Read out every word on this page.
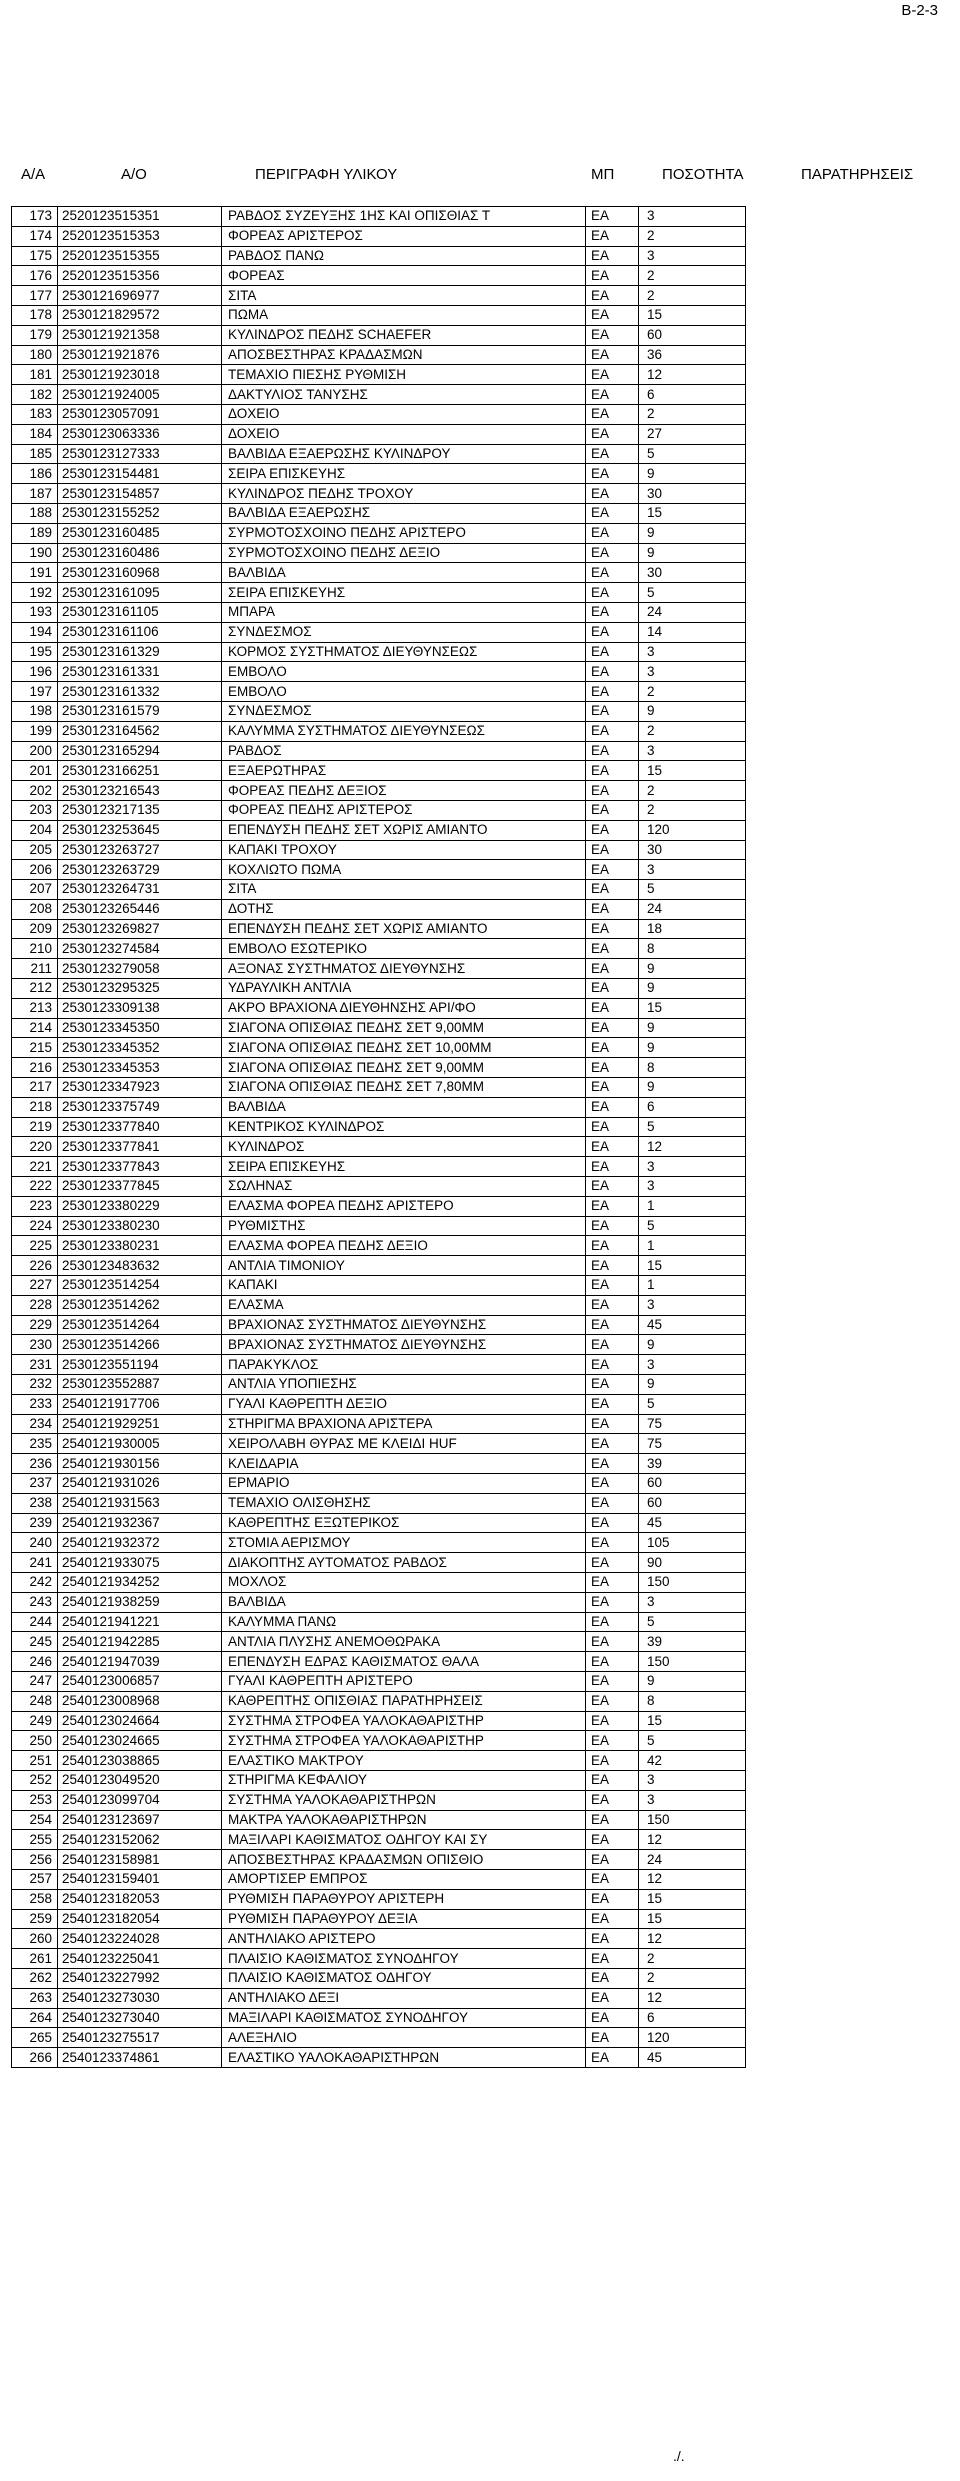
B-2-3
Α/Α	Α/Ο	ΠΕΡΙΓΡΑΦΗ ΥΛΙΚΟΥ	ΜΠ	ΠΟΣΟΤΗΤΑ	ΠΑΡΑΤΗΡΗΣΕΙΣ
173	2520123515351	ΡΑΒΔΟΣ ΣΥΖΕΥΞΗΣ 1ΗΣ ΚΑΙ ΟΠΙΣΘΙΑΣ Τ	ΕΑ	3
174	2520123515353	ΦΟΡΕΑΣ ΑΡΙΣΤΕΡΟΣ	ΕΑ	2
175	2520123515355	ΡΑΒΔΟΣ ΠΑΝΩ	ΕΑ	3
176	2520123515356	ΦΟΡΕΑΣ	ΕΑ	2
177	2530121696977	ΣΙΤΑ	ΕΑ	2
178	2530121829572	ΠΩΜΑ	ΕΑ	15
179	2530121921358	ΚΥΛΙΝΔΡΟΣ ΠΕΔΗΣ SCHAEFER	ΕΑ	60
180	2530121921876	ΑΠΟΣΒΕΣΤΗΡΑΣ ΚΡΑΔΑΣΜΩΝ	ΕΑ	36
181	2530121923018	ΤΕΜΑΧΙΟ ΠΙΕΣΗΣ ΡΥΘΜΙΣΗ	ΕΑ	12
182	2530121924005	ΔΑΚΤΥΛΙΟΣ ΤΑΝΥΣΗΣ	ΕΑ	6
183	2530123057091	ΔΟΧΕΙΟ	ΕΑ	2
184	2530123063336	ΔΟΧΕΙΟ	ΕΑ	27
185	2530123127333	ΒΑΛΒΙΔΑ ΕΞΑΕΡΩΣΗΣ ΚΥΛΙΝΔΡΟΥ	ΕΑ	5
186	2530123154481	ΣΕΙΡΑ ΕΠΙΣΚΕΥΗΣ	ΕΑ	9
187	2530123154857	ΚΥΛΙΝΔΡΟΣ ΠΕΔΗΣ ΤΡΟΧΟΥ	ΕΑ	30
188	2530123155252	ΒΑΛΒΙΔΑ ΕΞΑΕΡΩΣΗΣ	ΕΑ	15
189	2530123160485	ΣΥΡΜΟΤΟΣΧΟΙΝΟ ΠΕΔΗΣ ΑΡΙΣΤΕΡΟ	ΕΑ	9
190	2530123160486	ΣΥΡΜΟΤΟΣΧΟΙΝΟ ΠΕΔΗΣ ΔΕΞΙΟ	ΕΑ	9
191	2530123160968	ΒΑΛΒΙΔΑ	ΕΑ	30
192	2530123161095	ΣΕΙΡΑ ΕΠΙΣΚΕΥΗΣ	ΕΑ	5
193	2530123161105	ΜΠΑΡΑ	ΕΑ	24
194	2530123161106	ΣΥΝΔΕΣΜΟΣ	ΕΑ	14
195	2530123161329	ΚΟΡΜΟΣ ΣΥΣΤΗΜΑΤΟΣ ΔΙΕΥΘΥΝΣΕΩΣ	ΕΑ	3
196	2530123161331	ΕΜΒΟΛΟ	ΕΑ	3
197	2530123161332	ΕΜΒΟΛΟ	ΕΑ	2
198	2530123161579	ΣΥΝΔΕΣΜΟΣ	ΕΑ	9
199	2530123164562	ΚΑΛΥΜΜΑ ΣΥΣΤΗΜΑΤΟΣ ΔΙΕΥΘΥΝΣΕΩΣ	ΕΑ	2
200	2530123165294	ΡΑΒΔΟΣ	ΕΑ	3
201	2530123166251	ΕΞΑΕΡΩΤΗΡΑΣ	ΕΑ	15
202	2530123216543	ΦΟΡΕΑΣ ΠΕΔΗΣ ΔΕΞΙΟΣ	ΕΑ	2
203	2530123217135	ΦΟΡΕΑΣ ΠΕΔΗΣ ΑΡΙΣΤΕΡΟΣ	ΕΑ	2
204	2530123253645	ΕΠΕΝΔΥΣΗ ΠΕΔΗΣ ΣΕΤ ΧΩΡΙΣ ΑΜΙΑΝΤΟ	ΕΑ	120
205	2530123263727	ΚΑΠΑΚΙ ΤΡΟΧΟΥ	ΕΑ	30
206	2530123263729	ΚΟΧΛΙΩΤΟ ΠΩΜΑ	ΕΑ	3
207	2530123264731	ΣΙΤΑ	ΕΑ	5
208	2530123265446	ΔΟΤΗΣ	ΕΑ	24
209	2530123269827	ΕΠΕΝΔΥΣΗ ΠΕΔΗΣ ΣΕΤ ΧΩΡΙΣ ΑΜΙΑΝΤΟ	ΕΑ	18
210	2530123274584	ΕΜΒΟΛΟ ΕΣΩΤΕΡΙΚΟ	ΕΑ	8
211	2530123279058	ΑΞΟΝΑΣ ΣΥΣΤΗΜΑΤΟΣ ΔΙΕΥΘΥΝΣΗΣ	ΕΑ	9
212	2530123295325	ΥΔΡΑΥΛΙΚΗ ΑΝΤΛΙΑ	ΕΑ	9
213	2530123309138	ΑΚΡΟ ΒΡΑΧΙΟΝΑ ΔΙΕΥΘΗΝΣΗΣ ΑΡΙ/ΦΟ	ΕΑ	15
214	2530123345350	ΣΙΑΓΟΝΑ ΟΠΙΣΘΙΑΣ ΠΕΔΗΣ ΣΕΤ 9,00ΜΜ	ΕΑ	9
215	2530123345352	ΣΙΑΓΟΝΑ ΟΠΙΣΘΙΑΣ ΠΕΔΗΣ ΣΕΤ 10,00ΜΜ	ΕΑ	9
216	2530123345353	ΣΙΑΓΟΝΑ ΟΠΙΣΘΙΑΣ ΠΕΔΗΣ ΣΕΤ 9,00ΜΜ	ΕΑ	8
217	2530123347923	ΣΙΑΓΟΝΑ ΟΠΙΣΘΙΑΣ ΠΕΔΗΣ ΣΕΤ 7,80ΜΜ	ΕΑ	9
218	2530123375749	ΒΑΛΒΙΔΑ	ΕΑ	6
219	2530123377840	ΚΕΝΤΡΙΚΟΣ ΚΥΛΙΝΔΡΟΣ	ΕΑ	5
220	2530123377841	ΚΥΛΙΝΔΡΟΣ	ΕΑ	12
221	2530123377843	ΣΕΙΡΑ ΕΠΙΣΚΕΥΗΣ	ΕΑ	3
222	2530123377845	ΣΩΛΗΝΑΣ	ΕΑ	3
223	2530123380229	ΕΛΑΣΜΑ ΦΟΡΕΑ ΠΕΔΗΣ ΑΡΙΣΤΕΡΟ	ΕΑ	1
224	2530123380230	ΡΥΘΜΙΣΤΗΣ	ΕΑ	5
225	2530123380231	ΕΛΑΣΜΑ ΦΟΡΕΑ ΠΕΔΗΣ ΔΕΞΙΟ	ΕΑ	1
226	2530123483632	ΑΝΤΛΙΑ ΤΙΜΟΝΙΟΥ	ΕΑ	15
227	2530123514254	ΚΑΠΑΚΙ	ΕΑ	1
228	2530123514262	ΕΛΑΣΜΑ	ΕΑ	3
229	2530123514264	ΒΡΑΧΙΟΝΑΣ ΣΥΣΤΗΜΑΤΟΣ ΔΙΕΥΘΥΝΣΗΣ	ΕΑ	45
230	2530123514266	ΒΡΑΧΙΟΝΑΣ ΣΥΣΤΗΜΑΤΟΣ ΔΙΕΥΘΥΝΣΗΣ	ΕΑ	9
231	2530123551194	ΠΑΡΑΚΥΚΛΟΣ	ΕΑ	3
232	2530123552887	ΑΝΤΛΙΑ ΥΠΟΠΙΕΣΗΣ	ΕΑ	9
233	2540121917706	ΓΥΑΛΙ ΚΑΘΡΕΠΤΗ ΔΕΞΙΟ	ΕΑ	5
234	2540121929251	ΣΤΗΡΙΓΜΑ ΒΡΑΧΙΟΝΑ ΑΡΙΣΤΕΡΑ	ΕΑ	75
235	2540121930005	ΧΕΙΡΟΛΑΒΗ ΘΥΡΑΣ ΜΕ ΚΛΕΙΔΙ HUF	ΕΑ	75
236	2540121930156	ΚΛΕΙΔΑΡΙΑ	ΕΑ	39
237	2540121931026	ΕΡΜΑΡΙΟ	ΕΑ	60
238	2540121931563	ΤΕΜΑΧΙΟ ΟΛΙΣΘΗΣΗΣ	ΕΑ	60
239	2540121932367	ΚΑΘΡΕΠΤΗΣ ΕΞΩΤΕΡΙΚΟΣ	ΕΑ	45
240	2540121932372	ΣΤΟΜΙΑ ΑΕΡΙΣΜΟΥ	ΕΑ	105
241	2540121933075	ΔΙΑΚΟΠΤΗΣ ΑΥΤΟΜΑΤΟΣ ΡΑΒΔΟΣ	ΕΑ	90
242	2540121934252	ΜΟΧΛΟΣ	ΕΑ	150
243	2540121938259	ΒΑΛΒΙΔΑ	ΕΑ	3
244	2540121941221	ΚΑΛΥΜΜΑ ΠΑΝΩ	ΕΑ	5
245	2540121942285	ΑΝΤΛΙΑ ΠΛΥΣΗΣ ΑΝΕΜΟΘΩΡΑΚΑ	ΕΑ	39
246	2540121947039	ΕΠΕΝΔΥΣΗ ΕΔΡΑΣ ΚΑΘΙΣΜΑΤΟΣ ΘΑΛΑ	ΕΑ	150
247	2540123006857	ΓΥΑΛΙ ΚΑΘΡΕΠΤΗ ΑΡΙΣΤΕΡΟ	ΕΑ	9
248	2540123008968	ΚΑΘΡΕΠΤΗΣ ΟΠΙΣΘΙΑΣ ΠΑΡΑΤΗΡΗΣΕΙΣ	ΕΑ	8
249	2540123024664	ΣΥΣΤΗΜΑ ΣΤΡΟΦΕΑ ΥΑΛΟΚΑΘΑΡΙΣΤΗΡ	ΕΑ	15
250	2540123024665	ΣΥΣΤΗΜΑ ΣΤΡΟΦΕΑ ΥΑΛΟΚΑΘΑΡΙΣΤΗΡ	ΕΑ	5
251	2540123038865	ΕΛΑΣΤΙΚΟ ΜΑΚΤΡΟΥ	ΕΑ	42
252	2540123049520	ΣΤΗΡΙΓΜΑ ΚΕΦΑΛΙΟΥ	ΕΑ	3
253	2540123099704	ΣΥΣΤΗΜΑ ΥΑΛΟΚΑΘΑΡΙΣΤΗΡΩΝ	ΕΑ	3
254	2540123123697	ΜΑΚΤΡΑ ΥΑΛΟΚΑΘΑΡΙΣΤΗΡΩΝ	ΕΑ	150
255	2540123152062	ΜΑΞΙΛΑΡΙ ΚΑΘΙΣΜΑΤΟΣ ΟΔΗΓΟΥ ΚΑΙ ΣΥ	ΕΑ	12
256	2540123158981	ΑΠΟΣΒΕΣΤΗΡΑΣ ΚΡΑΔΑΣΜΩΝ ΟΠΙΣΘΙΟ	ΕΑ	24
257	2540123159401	ΑΜΟΡΤΙΣΕΡ ΕΜΠΡΟΣ	ΕΑ	12
258	2540123182053	ΡΥΘΜΙΣΗ ΠΑΡΑΘΥΡΟΥ ΑΡΙΣΤΕΡΗ	ΕΑ	15
259	2540123182054	ΡΥΘΜΙΣΗ ΠΑΡΑΘΥΡΟΥ ΔΕΞΙΑ	ΕΑ	15
260	2540123224028	ΑΝΤΗΛΙΑΚΟ ΑΡΙΣΤΕΡΟ	ΕΑ	12
261	2540123225041	ΠΛΑΙΣΙΟ ΚΑΘΙΣΜΑΤΟΣ ΣΥΝΟΔΗΓΟΥ	ΕΑ	2
262	2540123227992	ΠΛΑΙΣΙΟ ΚΑΘΙΣΜΑΤΟΣ ΟΔΗΓΟΥ	ΕΑ	2
263	2540123273030	ΑΝΤΗΛΙΑΚΟ ΔΕΞΙ	ΕΑ	12
264	2540123273040	ΜΑΞΙΛΑΡΙ ΚΑΘΙΣΜΑΤΟΣ ΣΥΝΟΔΗΓΟΥ	ΕΑ	6
265	2540123275517	ΑΛΕΞΗΛΙΟ	ΕΑ	120
266	2540123374861	ΕΛΑΣΤΙΚΟ ΥΑΛΟΚΑΘΑΡΙΣΤΗΡΩΝ	ΕΑ	45
./.
